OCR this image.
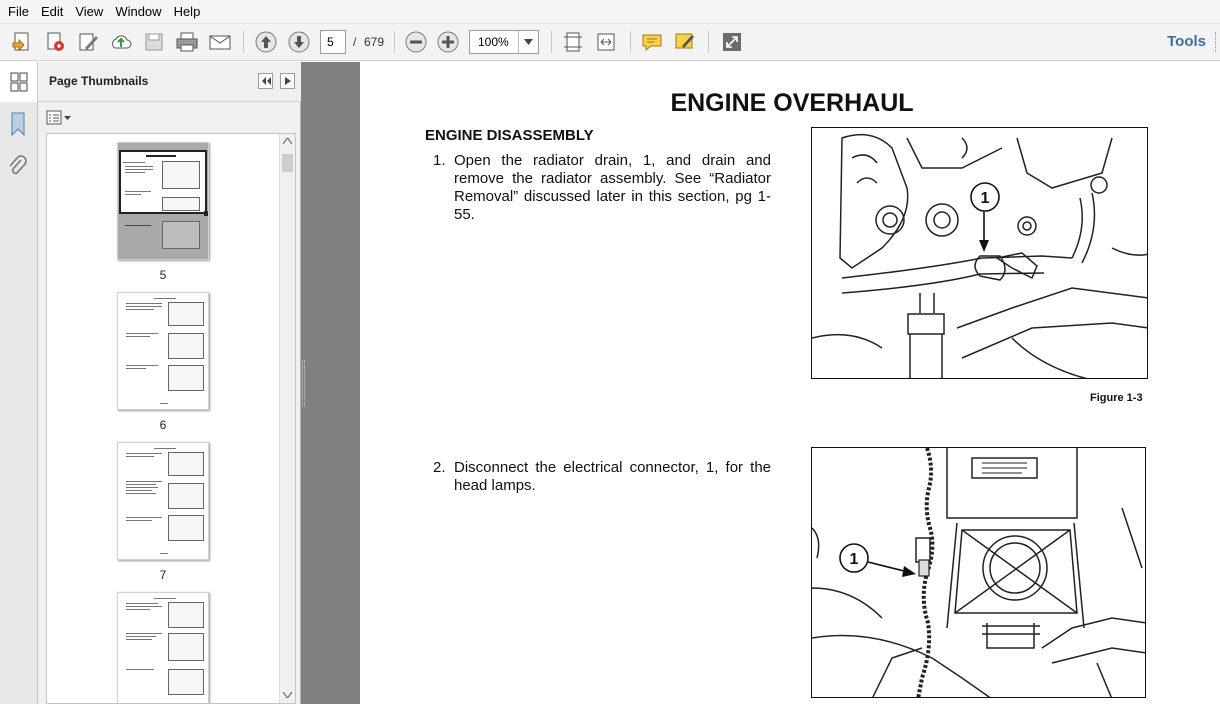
File Edit View Window Help
5	/ 679	100%	Tools
Page Thumbnails
5
6
7
ENGINE OVERHAUL
ENGINE DISASSEMBLY
1. Open the radiator drain, 1, and drain and remove the radiator assembly. See “Radiator Removal” discussed later in this section, pg 1-55.
2. Disconnect the electrical connector, 1, for the head lamps.
1
Figure 1-3
1
